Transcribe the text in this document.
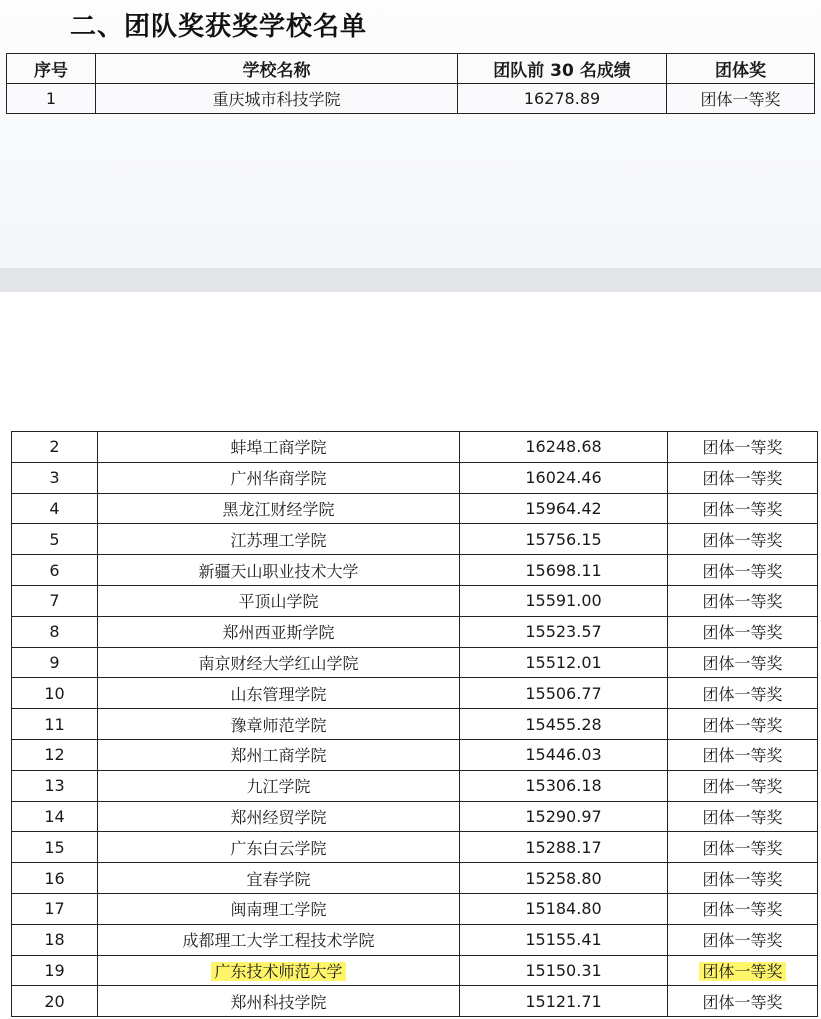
二、团队奖获奖学校名单
序号	学校名称	团队前 30 名成绩	团体奖
1	重庆城市科技学院	16278.89	团体一等奖
2	蚌埠工商学院	16248.68	团体一等奖
3	广州华商学院	16024.46	团体一等奖
4	黑龙江财经学院	15964.42	团体一等奖
5	江苏理工学院	15756.15	团体一等奖
6	新疆天山职业技术大学	15698.11	团体一等奖
7	平顶山学院	15591.00	团体一等奖
8	郑州西亚斯学院	15523.57	团体一等奖
9	南京财经大学红山学院	15512.01	团体一等奖
10	山东管理学院	15506.77	团体一等奖
11	豫章师范学院	15455.28	团体一等奖
12	郑州工商学院	15446.03	团体一等奖
13	九江学院	15306.18	团体一等奖
14	郑州经贸学院	15290.97	团体一等奖
15	广东白云学院	15288.17	团体一等奖
16	宜春学院	15258.80	团体一等奖
17	闽南理工学院	15184.80	团体一等奖
18	成都理工大学工程技术学院	15155.41	团体一等奖
19	广东技术师范大学	15150.31	团体一等奖
20	郑州科技学院	15121.71	团体一等奖
